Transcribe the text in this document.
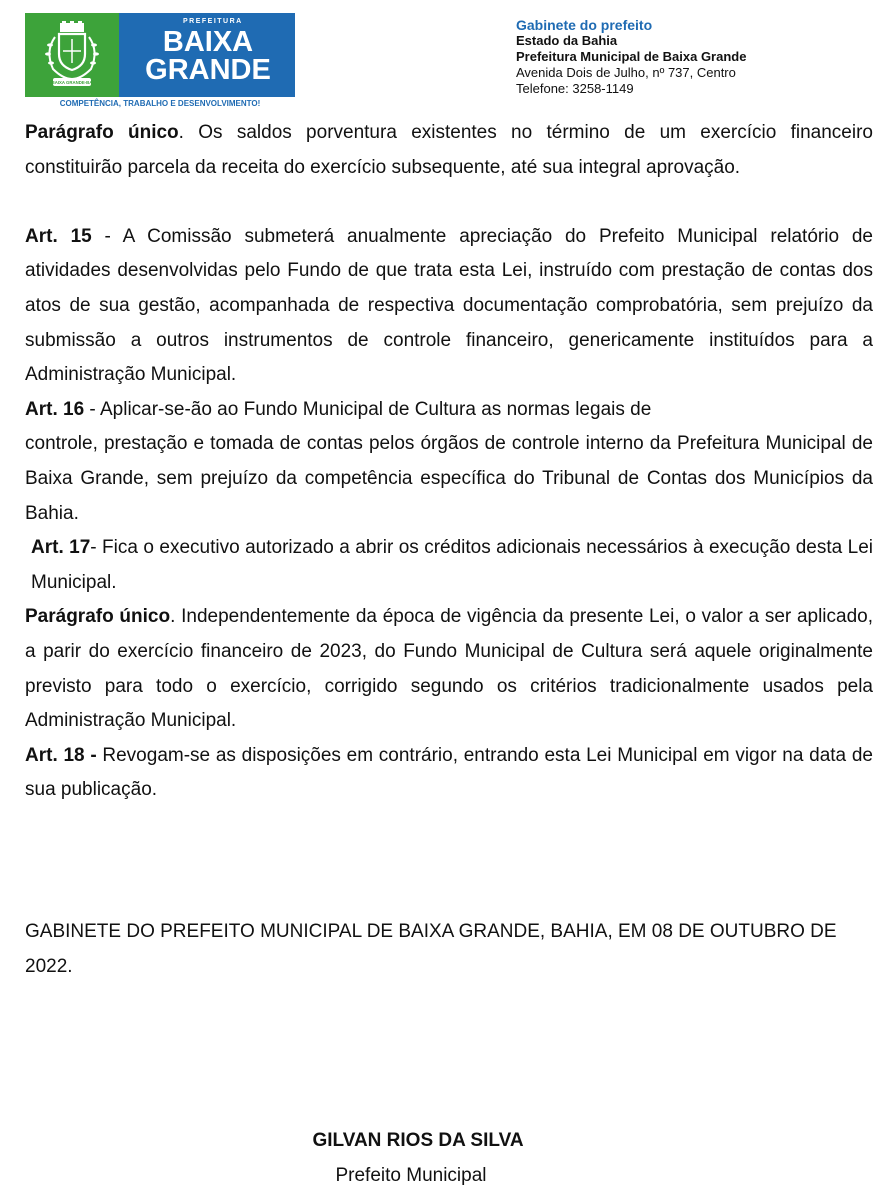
BAIXA GRANDE-BA
PREFEITURA
BAIXA
GRANDE
COMPETÊNCIA, TRABALHO E DESENVOLVIMENTO!
Gabinete do prefeito
Estado da Bahia
Prefeitura Municipal de Baixa Grande
Avenida Dois de Julho, nº 737, Centro
Telefone: 3258-1149

Parágrafo único. Os saldos porventura existentes no término de um exercício financeiro constituirão parcela da receita do exercício subsequente, até sua integral aprovação.

Art. 15 - A Comissão submeterá anualmente apreciação do Prefeito Municipal relatório de atividades desenvolvidas pelo Fundo de que trata esta Lei, instruído com prestação de contas dos atos de sua gestão, acompanhada de respectiva documentação comprobatória, sem prejuízo da submissão a outros instrumentos de controle financeiro, genericamente instituídos para a Administração Municipal.

Art. 16 - Aplicar-se-ão ao Fundo Municipal de Cultura as normas legais de

controle, prestação e tomada de contas pelos órgãos de controle interno da Prefeitura Municipal de Baixa Grande, sem prejuízo da competência específica do Tribunal de Contas dos Municípios da Bahia.

Art. 17- Fica o executivo autorizado a abrir os créditos adicionais necessários à execução desta Lei Municipal.

Parágrafo único. Independentemente da época de vigência da presente Lei, o valor a ser aplicado, a parir do exercício financeiro de 2023, do Fundo Municipal de Cultura será aquele originalmente previsto para todo o exercício, corrigido segundo os critérios tradicionalmente usados pela Administração Municipal.

Art. 18 - Revogam-se as disposições em contrário, entrando esta Lei Municipal em vigor na data de sua publicação.

GABINETE DO PREFEITO MUNICIPAL DE BAIXA GRANDE, BAHIA, EM 08 DE OUTUBRO DE 2022.

GILVAN RIOS DA SILVA
Prefeito Municipal
